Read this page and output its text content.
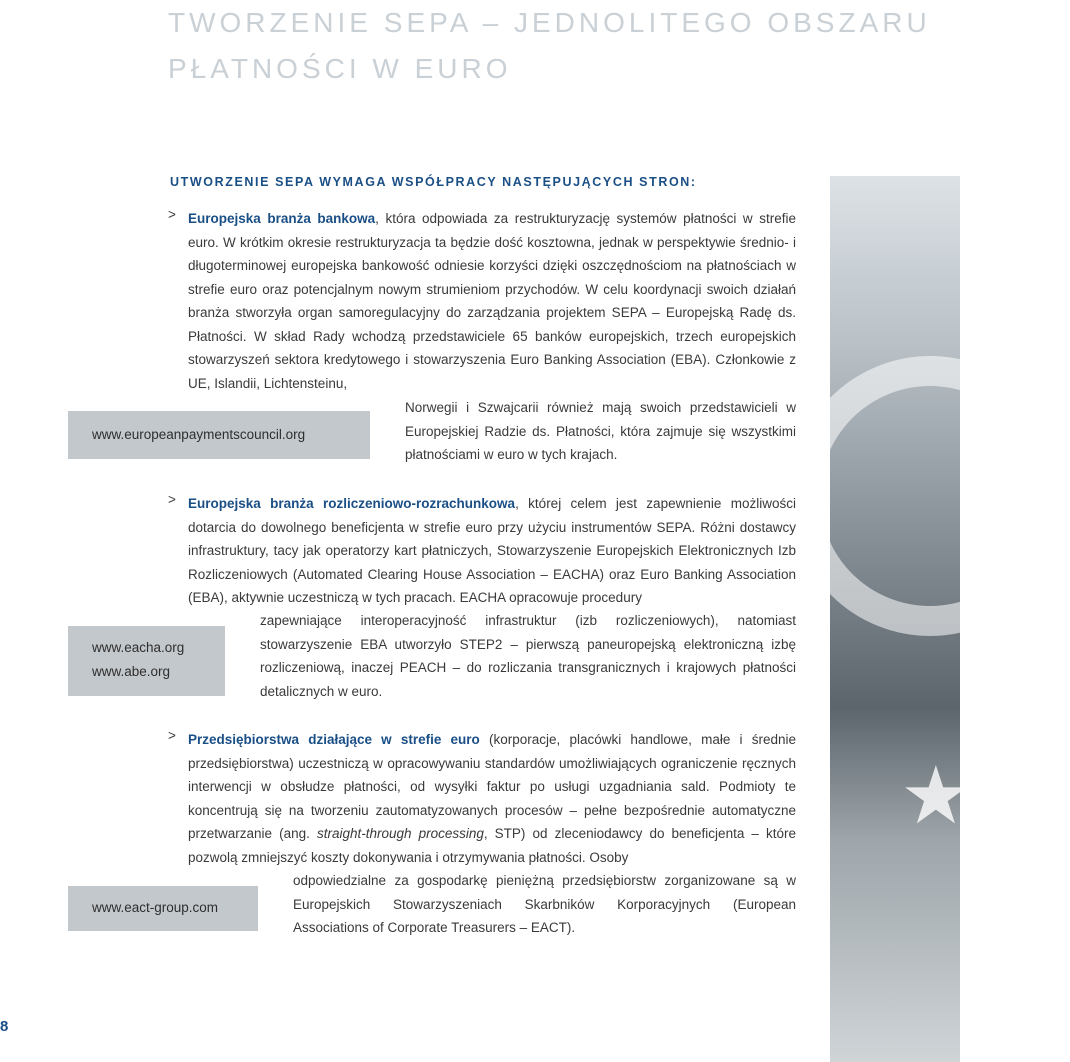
TWORZENIE SEPA – JEDNOLITEGO OBSZARU
PŁATNOŚCI W EURO
UTWORZENIE SEPA WYMAGA WSPÓŁPRACY NASTĘPUJĄCYCH STRON:
★
> Europejska branża bankowa, która odpowiada za restrukturyzację systemów płatności w strefie euro. W krótkim okresie restrukturyzacja ta będzie dość kosztowna, jednak w perspektywie średnio- i długoterminowej europejska bankowość odniesie korzyści dzięki oszczędnościom na płatnościach w strefie euro oraz potencjalnym nowym strumieniom przychodów. W celu koordynacji swoich działań branża stworzyła organ samoregulacyjny do zarządzania projektem SEPA – Europejską Radę ds. Płatności. W skład Rady wchodzą przedstawiciele 65 banków europejskich, trzech europejskich stowarzyszeń sektora kredytowego i stowarzyszenia Euro Banking Association (EBA). Członkowie z UE, Islandii, Lichtensteinu,

www.europeanpaymentscouncil.org

Norwegii i Szwajcarii również mają swoich przedstawicieli w Europejskiej Radzie ds. Płatności, która zajmuje się wszystkimi płatnościami w euro w tych krajach.

> Europejska branża rozliczeniowo-rozrachunkowa, której celem jest zapewnienie możliwości dotarcia do dowolnego beneficjenta w strefie euro przy użyciu instrumentów SEPA. Różni dostawcy infrastruktury, tacy jak operatorzy kart płatniczych, Stowarzyszenie Europejskich Elektronicznych Izb Rozliczeniowych (Automated Clearing House Association – EACHA) oraz Euro Banking Association (EBA), aktywnie uczestniczą w tych pracach. EACHA opracowuje procedury

www.eacha.org
www.abe.org

zapewniające interoperacyjność infrastruktur (izb rozliczeniowych), natomiast stowarzyszenie EBA utworzyło STEP2 – pierwszą paneuropejską elektroniczną izbę rozliczeniową, inaczej PEACH – do rozliczania transgranicznych i krajowych płatności detalicznych w euro.

> Przedsiębiorstwa działające w strefie euro (korporacje, placówki handlowe, małe i średnie przedsiębiorstwa) uczestniczą w opracowywaniu standardów umożliwiających ograniczenie ręcznych interwencji w obsłudze płatności, od wysyłki faktur po usługi uzgadniania sald. Podmioty te koncentrują się na tworzeniu zautomatyzowanych procesów – pełne bezpośrednie automatyczne przetwarzanie (ang. straight-through processing, STP) od zleceniodawcy do beneficjenta – które pozwolą zmniejszyć koszty dokonywania i otrzymywania płatności. Osoby

www.eact-group.com

odpowiedzialne za gospodarkę pieniężną przedsiębiorstw zorganizowane są w Europejskich Stowarzyszeniach Skarbników Korporacyjnych (European Associations of Corporate Treasurers – EACT).

8
